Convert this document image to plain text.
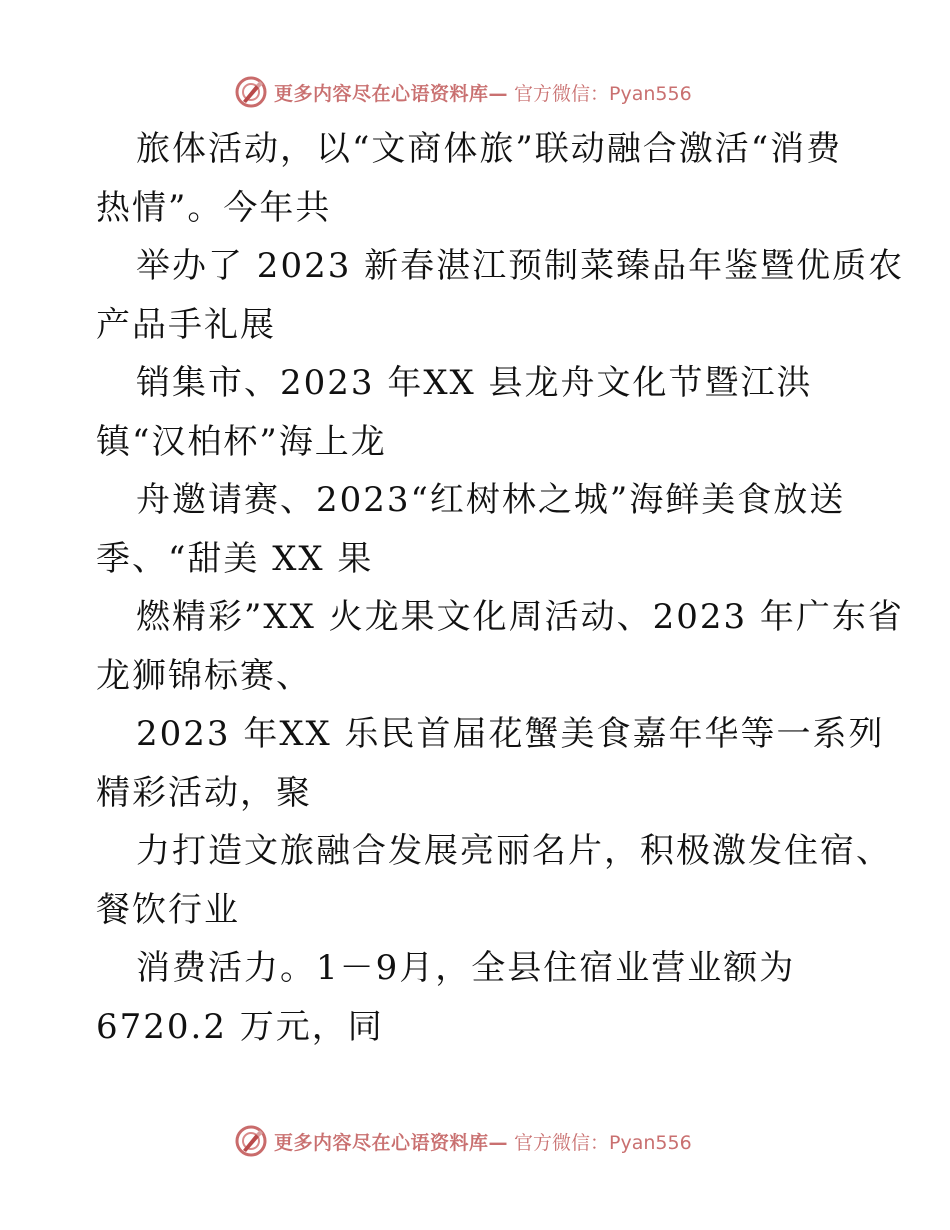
更多内容尽在心语资料库— 官方微信：Pyan556
旅体活动，以“文商体旅”联动融合激活“消费
热情”。今年共
举办了 2023 新春湛江预制菜臻品年鉴暨优质农
产品手礼展
销集市、2023 年XX 县龙舟文化节暨江洪
镇“汉柏杯”海上龙
舟邀请赛、2023“红树林之城”海鲜美食放送
季、“甜美 XX 果
燃精彩”XX 火龙果文化周活动、2023 年广东省
龙狮锦标赛、
2023 年XX 乐民首届花蟹美食嘉年华等一系列
精彩活动，聚
力打造文旅融合发展亮丽名片，积极激发住宿、
餐饮行业
消费活力。1－9月，全县住宿业营业额为
6720.2 万元，同
更多内容尽在心语资料库— 官方微信：Pyan556
